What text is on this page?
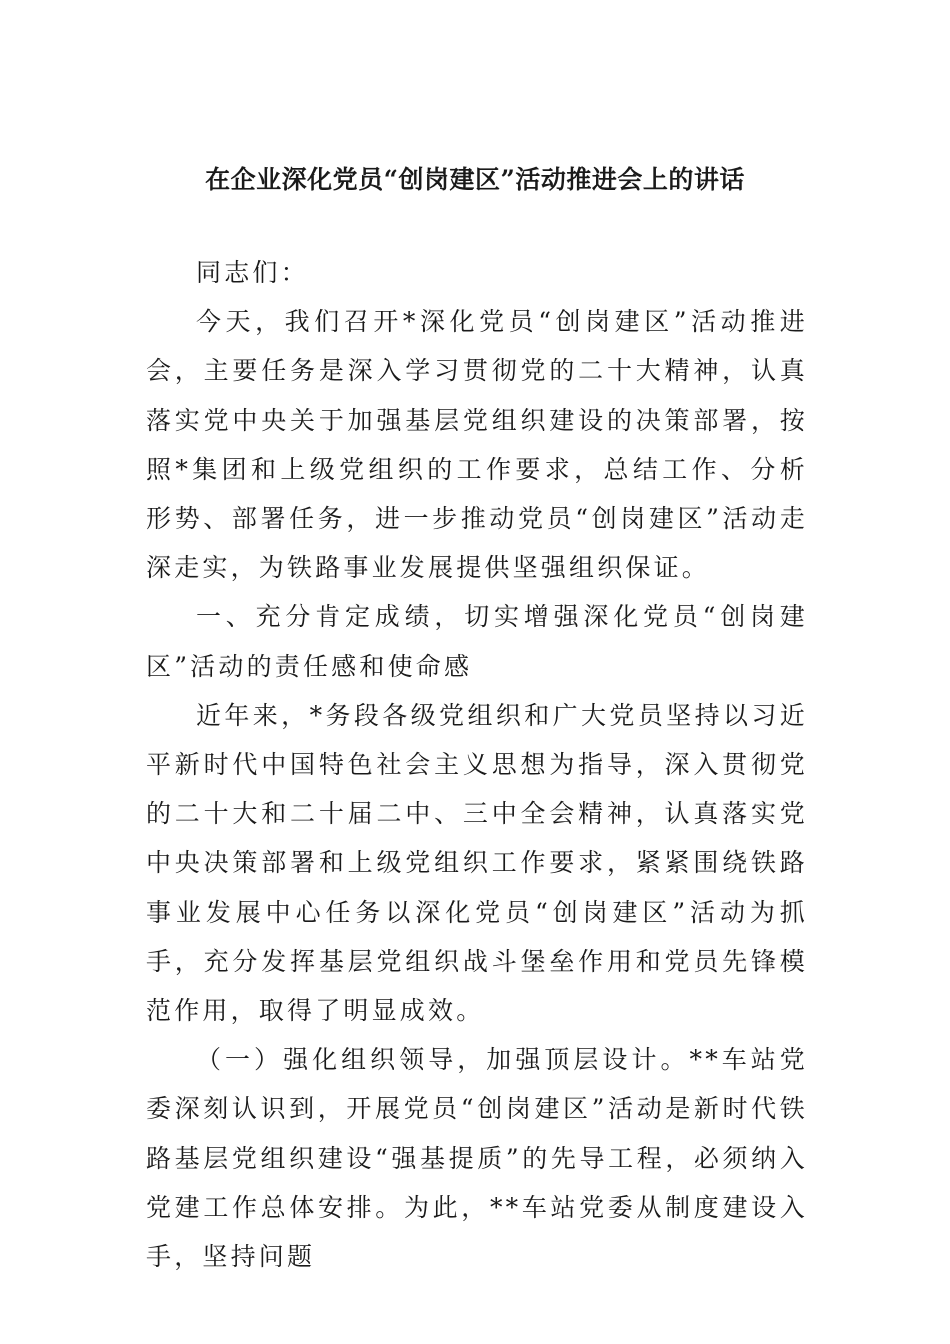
在企业深化党员“创岗建区”活动推进会上的讲话

同志们：

今天，我们召开*深化党员“创岗建区”活动推进会，主要任务是深入学习贯彻党的二十大精神，认真落实党中央关于加强基层党组织建设的决策部署，按照*集团和上级党组织的工作要求，总结工作、分析形势、部署任务，进一步推动党员“创岗建区”活动走深走实，为铁路事业发展提供坚强组织保证。

一、充分肯定成绩，切实增强深化党员“创岗建区”活动的责任感和使命感

近年来，*务段各级党组织和广大党员坚持以习近平新时代中国特色社会主义思想为指导，深入贯彻党的二十大和二十届二中、三中全会精神，认真落实党中央决策部署和上级党组织工作要求，紧紧围绕铁路事业发展中心任务以深化党员“创岗建区”活动为抓手，充分发挥基层党组织战斗堡垒作用和党员先锋模范作用，取得了明显成效。

（一）强化组织领导，加强顶层设计。**车站党委深刻认识到，开展党员“创岗建区”活动是新时代铁路基层党组织建设“强基提质”的先导工程，必须纳入党建工作总体安排。为此，**车站党委从制度建设入手，坚持问题
